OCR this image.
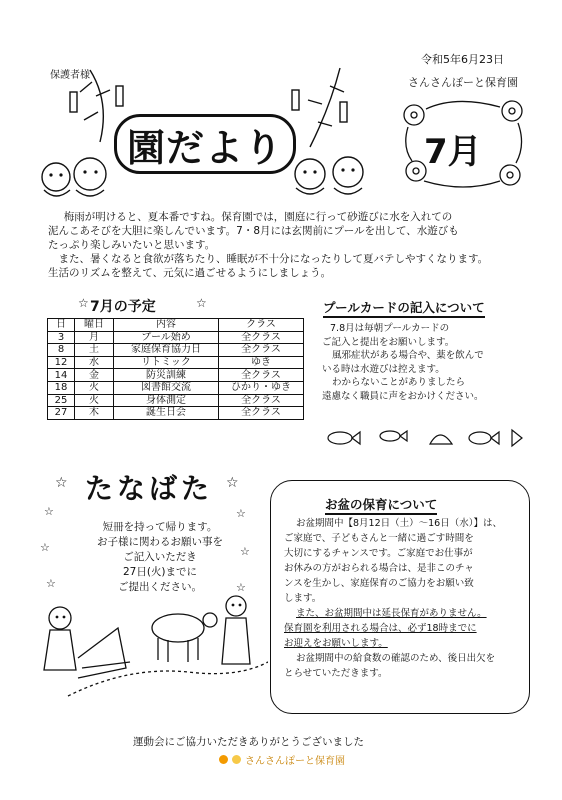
令和5年6月23日
さんさんぽーと保育園
保護者様
園だより	7月

梅雨が明けると、夏本番ですね。保育園では，園庭に行って砂遊びに水を入れての

泥んこあそびを大胆に楽しんでいます。7・8月には玄関前にプールを出して、水遊びも

たっぷり楽しみいたいと思います。

また、暑くなると食欲が落ちたり、睡眠が不十分になったりして夏バテしやすくなります。

生活のリズムを整えて、元気に過ごせるようにしましょう。

☆	☆
7月の予定
日	曜日	内容	クラス
3	月	プール始め	全クラス
8	土	家庭保育協力日	全クラス
12	水	リトミック	ゆき
14	金	防災訓練	全クラス
18	火	図書館交流	ひかり・ゆき
25	火	身体測定	全クラス
27	木	誕生日会	全クラス
プールカードの記入について

7.8月は毎朝プールカードの

ご記入と提出をお願いします。

風邪症状がある場合や、薬を飲んで

いる時は水遊びは控えます。

わからないことがありましたら

遠慮なく職員に声をおかけください。

☆	☆
たなばた
☆	☆
☆	☆
☆	☆

短冊を持って帰ります。

お子様に関わるお願い事を

ご記入いただき

27日(火)までに

ご提出ください。

お盆の保育について

お盆期間中【8月12日（土）～16日（水）】は、

ご家庭で、子どもさんと一緒に過ごす時間を

大切にするチャンスです。ご家庭でお仕事が

お休みの方がおられる場合は、是非このチャ

ンスを生かし、家庭保育のご協力をお願い致

します。

また、お盆期間中は延長保育がありません。

保育園を利用される場合は、必ず18時までに

お迎えをお願いします。

お盆期間中の給食数の確認のため、後日出欠を

とらせていただきます。

運動会にご協力いただきありがとうございました
さんさんぽーと保育園
